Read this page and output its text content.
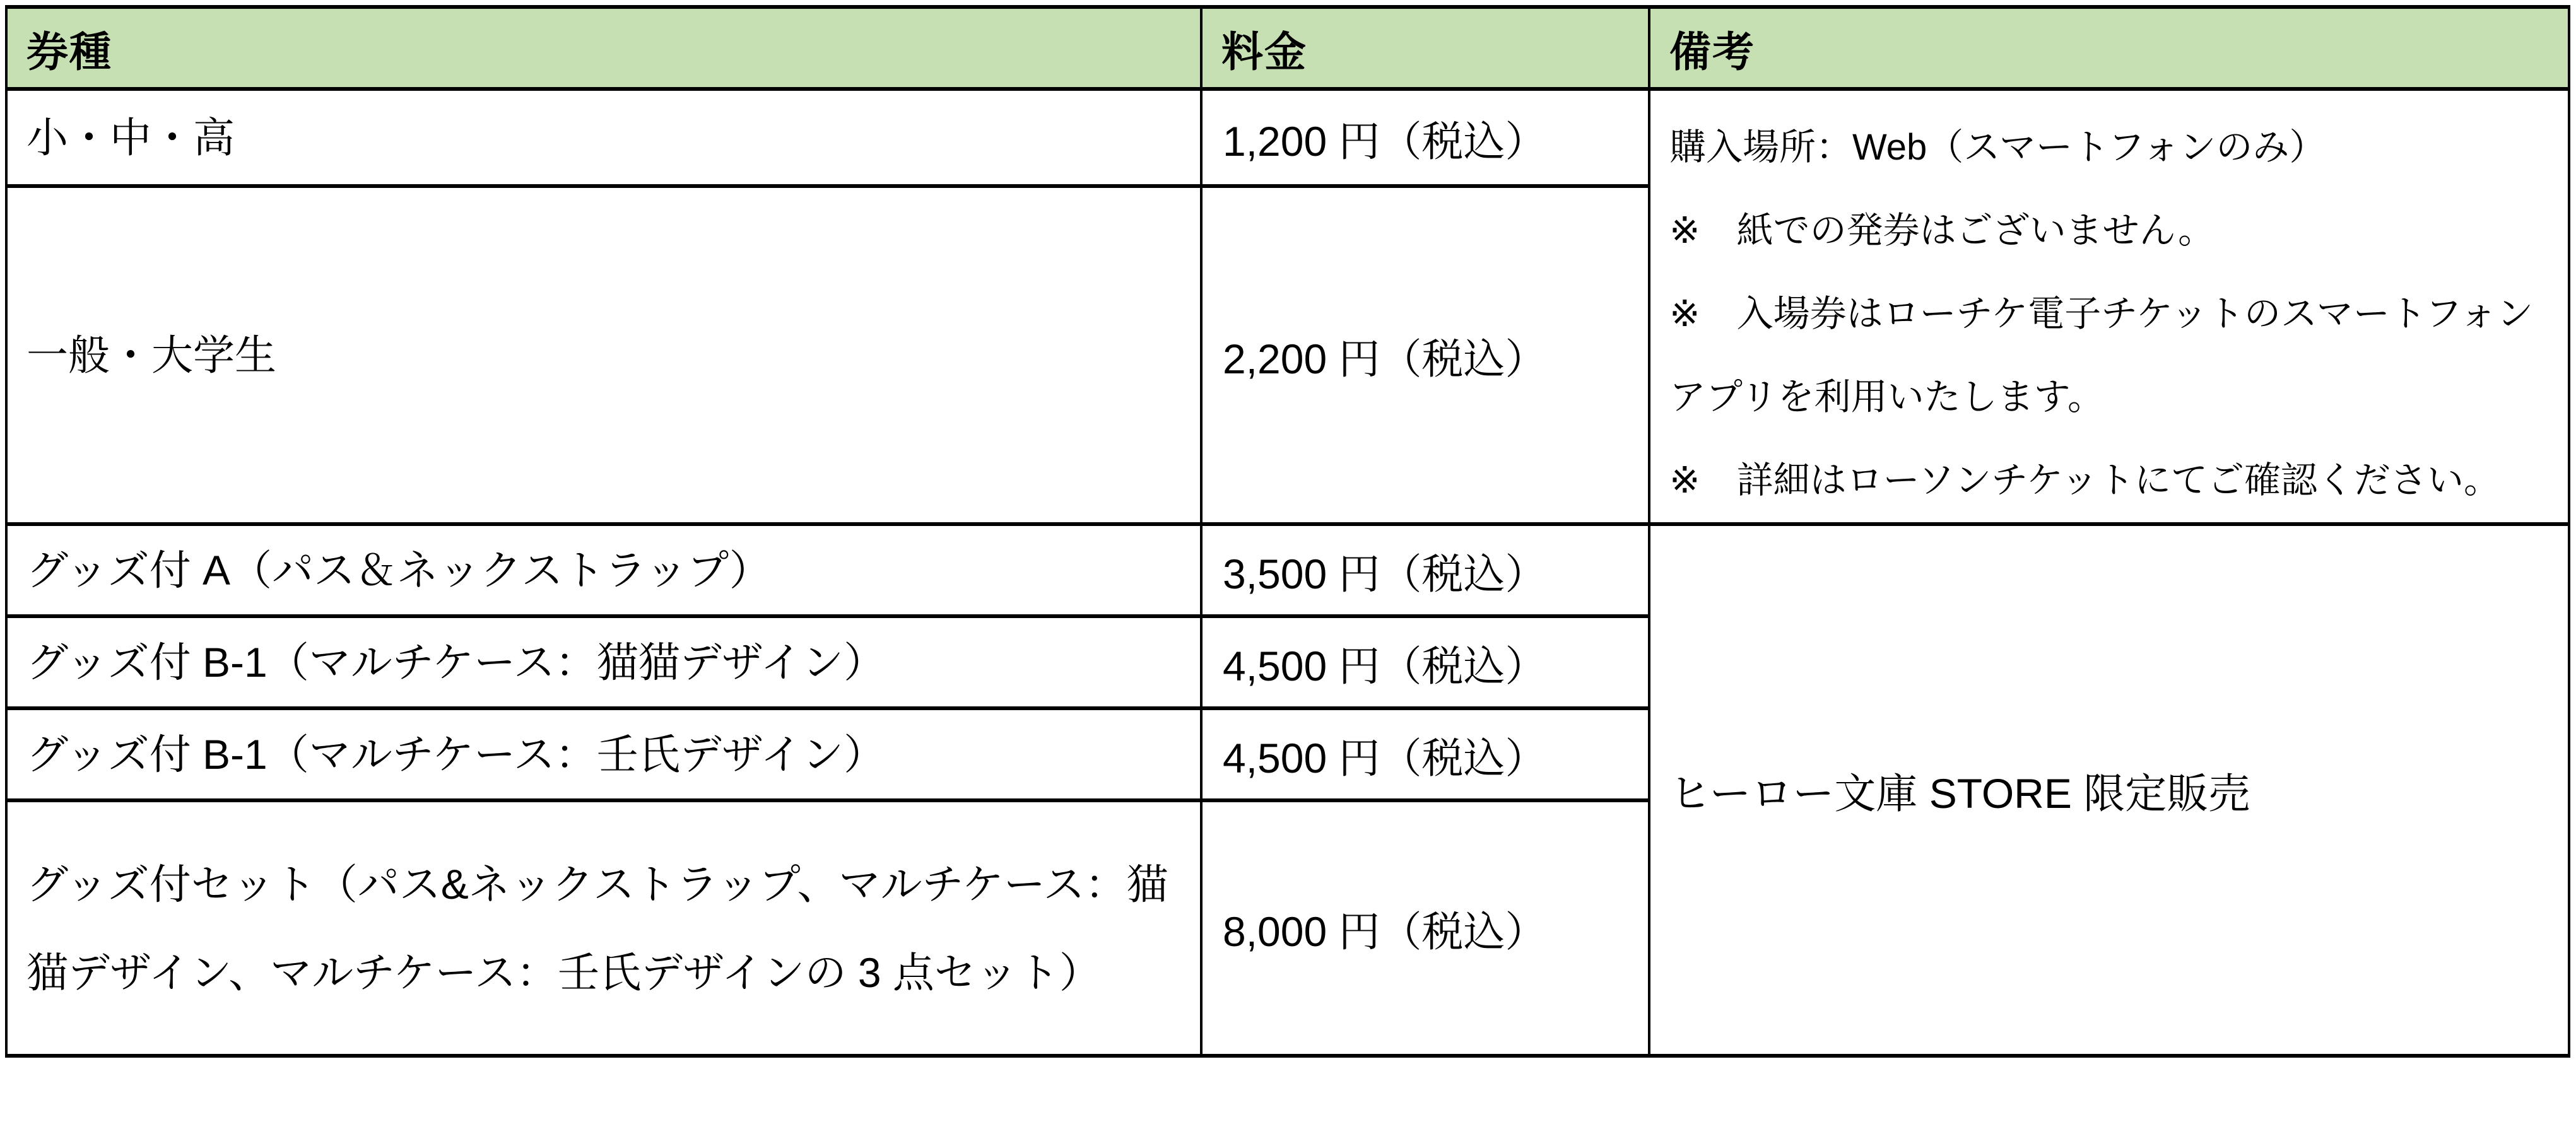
券種	料金	備考
小・中・高	1,200 円（税込）	購入場所：Web（スマートフォンのみ）
※　紙での発券はございません。
※　入場券はローチケ電子チケットのスマートフォンアプリを利用いたします。
※　詳細はローソンチケットにてご確認ください。

一般・大学生	2,200 円（税込）	
グッズ付 A（パス＆ネックストラップ）	3,500 円（税込）	ヒーロー文庫 STORE 限定販売
グッズ付 B-1（マルチケース：猫猫デザイン）	4,500 円（税込）	
グッズ付 B-1（マルチケース：壬氏デザイン）	4,500 円（税込）	
グッズ付セット（パス&ネックストラップ、マルチケース：猫猫デザイン、マルチケース：壬氏デザインの 3 点セット）	8,000 円（税込）	
